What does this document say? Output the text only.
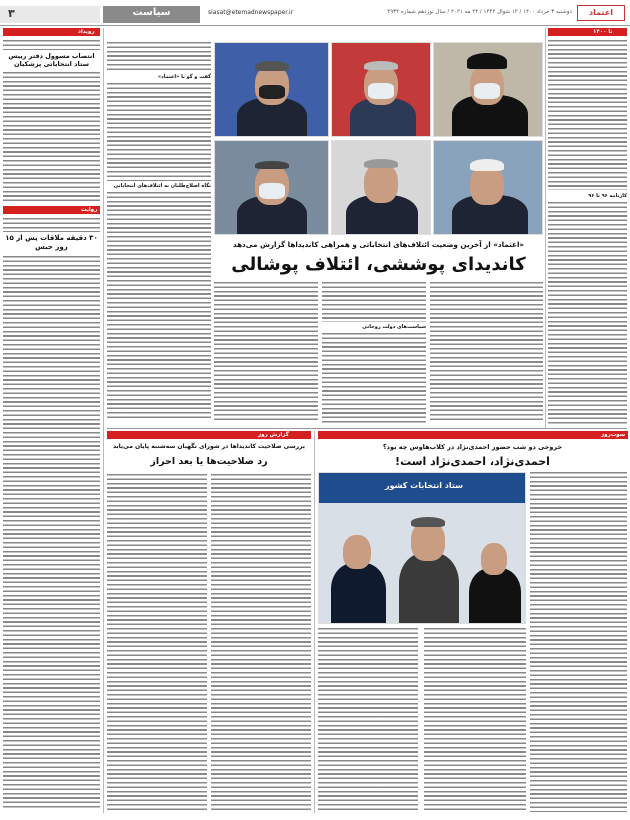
۳	سیاست	siasat@etemadnewspaper.ir	دوشنبه ۳ خرداد ۱۴۰۰ / ۱۲ شوال ۱۴۴۲ / ۲۴ مه ۲۰۲۱ / سال نوزدهم شماره ۴۹۳۴	اعتماد
تا ۱۴۰۰
کارنامه ۹۶ تا ۹۶
رویداد
انتصاب مسوول دفتر رییس ستاد انتخاباتی پزشکیان
روایت
۳۰ دقیقه ملاقات پس از ۱۵ روز حبس	«اعتماد» از آخرین وضعیت ائتلاف‌های انتخاباتی و همراهی کاندیداها گزارش می‌دهد
کاندیدای پوششی، ائتلاف پوشالی
گفت و گو با «اعتماد»
نگاه اصلاح‌طلبان به ائتلاف‌های انتخاباتی
سیاست‌های دولت روحانی
سوت‌روز
خروجی دو شب حضور احمدی‌نژاد در کلاب‌هاوس چه بود؟
احمدی‌نژاد، احمدی‌نژاد است!
ستاد انتخابات کشور
گزارش روز
بررسی صلاحیت کاندیداها در شورای نگهبان سه‌شنبه پایان می‌یابد
رد‌ صلاحیت‌ها یا بعد احراز
